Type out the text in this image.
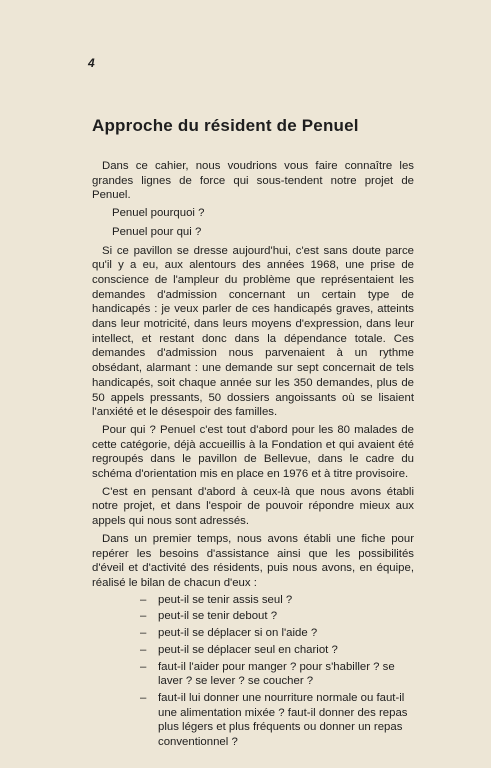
4
Approche du résident de Penuel

Dans ce cahier, nous voudrions vous faire connaître les grandes lignes de force qui sous-tendent notre projet de Penuel.

Penuel pourquoi ?

Penuel pour qui ?

Si ce pavillon se dresse aujourd'hui, c'est sans doute parce qu'il y a eu, aux alentours des années 1968, une prise de conscience de l'ampleur du problème que représentaient les demandes d'admission concernant un certain type de handicapés : je veux parler de ces handicapés graves, atteints dans leur motricité, dans leurs moyens d'expression, dans leur intellect, et restant donc dans la dépendance totale. Ces demandes d'admission nous parvenaient à un rythme obsédant, alarmant : une demande sur sept concernait de tels handicapés, soit chaque année sur les 350 demandes, plus de 50 appels pressants, 50 dossiers angoissants où se lisaient l'anxiété et le désespoir des familles.

Pour qui ? Penuel c'est tout d'abord pour les 80 malades de cette catégorie, déjà accueillis à la Fondation et qui avaient été regroupés dans le pavillon de Bellevue, dans le cadre du schéma d'orientation mis en place en 1976 et à titre provisoire.

C'est en pensant d'abord à ceux-là que nous avons établi notre projet, et dans l'espoir de pouvoir répondre mieux aux appels qui nous sont adressés.

Dans un premier temps, nous avons établi une fiche pour repérer les besoins d'assistance ainsi que les possibilités d'éveil et d'activité des résidents, puis nous avons, en équipe, réalisé le bilan de chacun d'eux :

–	peut-il se tenir assis seul ?
–	peut-il se tenir debout ?
–	peut-il se déplacer si on l'aide ?
–	peut-il se déplacer seul en chariot ?
–	faut-il l'aider pour manger ? pour s'habiller ? se laver ? se lever ? se coucher ?
–	faut-il lui donner une nourriture normale ou faut-il une alimentation mixée ? faut-il donner des repas plus légers et plus fréquents ou donner un repas conventionnel ?
